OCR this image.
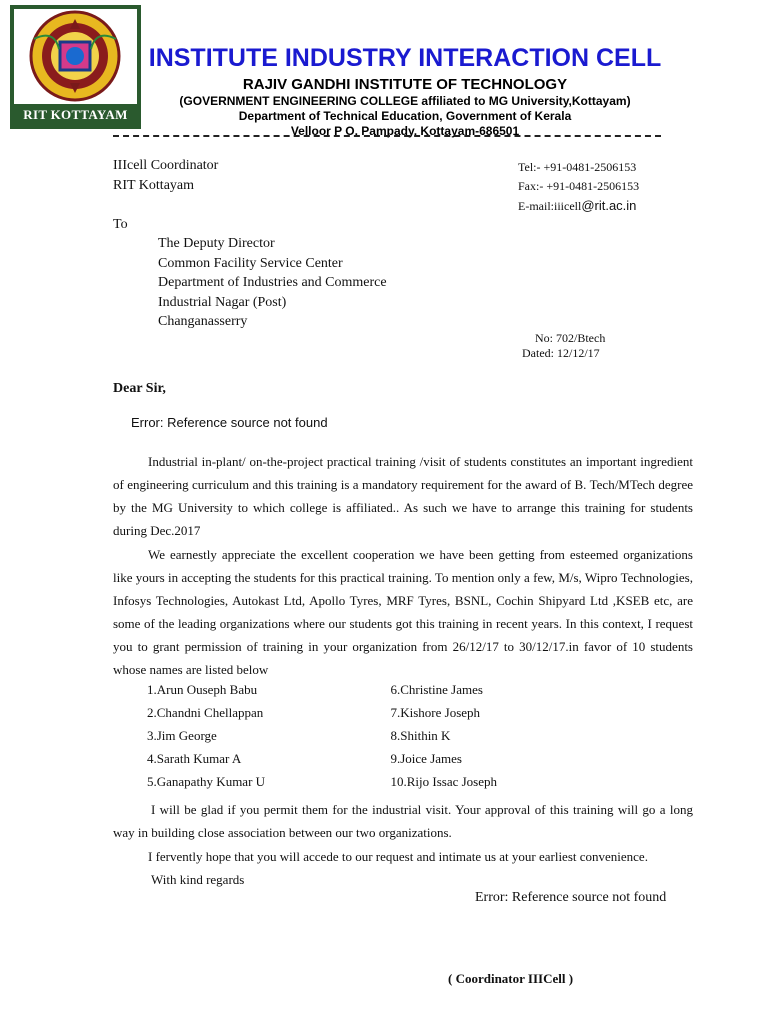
RIT KOTTAYAM
INSTITUTE INDUSTRY INTERACTION CELL
RAJIV GANDHI INSTITUTE OF TECHNOLOGY
(GOVERNMENT ENGINEERING COLLEGE affiliated to MG University,Kottayam)
Department of Technical Education, Government of Kerala
Velloor P O, Pampady, Kottayam-686501
IIIcell Coordinator
RIT Kottayam
Tel:- +91-0481-2506153
Fax:- +91-0481-2506153
E-mail:iiicell@rit.ac.in
To
The Deputy Director
Common Facility Service Center
Department of Industries and Commerce
Industrial Nagar (Post)
Changanasserry
No: 702/Btech
Dated: 12/12/17
Dear Sir,
Error: Reference source not found
Industrial in-plant/ on-the-project practical training /visit of students constitutes an important ingredient of engineering curriculum and this training is a mandatory requirement for the award of B. Tech/MTech degree by the MG University to which college is affiliated.. As such we have to arrange this training for students during Dec.2017
We earnestly appreciate the excellent cooperation we have been getting from esteemed organizations like yours in accepting the students for this practical training. To mention only a few, M/s, Wipro Technologies, Infosys Technologies, Autokast Ltd, Apollo Tyres, MRF Tyres, BSNL, Cochin Shipyard Ltd ,KSEB etc, are some of the leading organizations where our students got this training in recent years. In this context, I request you to grant permission of training in your organization from 26/12/17 to 30/12/17.in favor of 10 students whose names are listed below
1.Arun Ouseph Babu	6.Christine James
2.Chandni Chellappan	7.Kishore Joseph
3.Jim George	8.Shithin K
4.Sarath Kumar A	9.Joice James
5.Ganapathy Kumar U	10.Rijo Issac Joseph
I will be glad if you permit them for the industrial visit. Your approval of this training will go a long way in building close association between our two organizations.
I fervently hope that you will accede to our request and intimate us at your earliest convenience.
With kind regards
Error: Reference source not found
( Coordinator IIICell )
